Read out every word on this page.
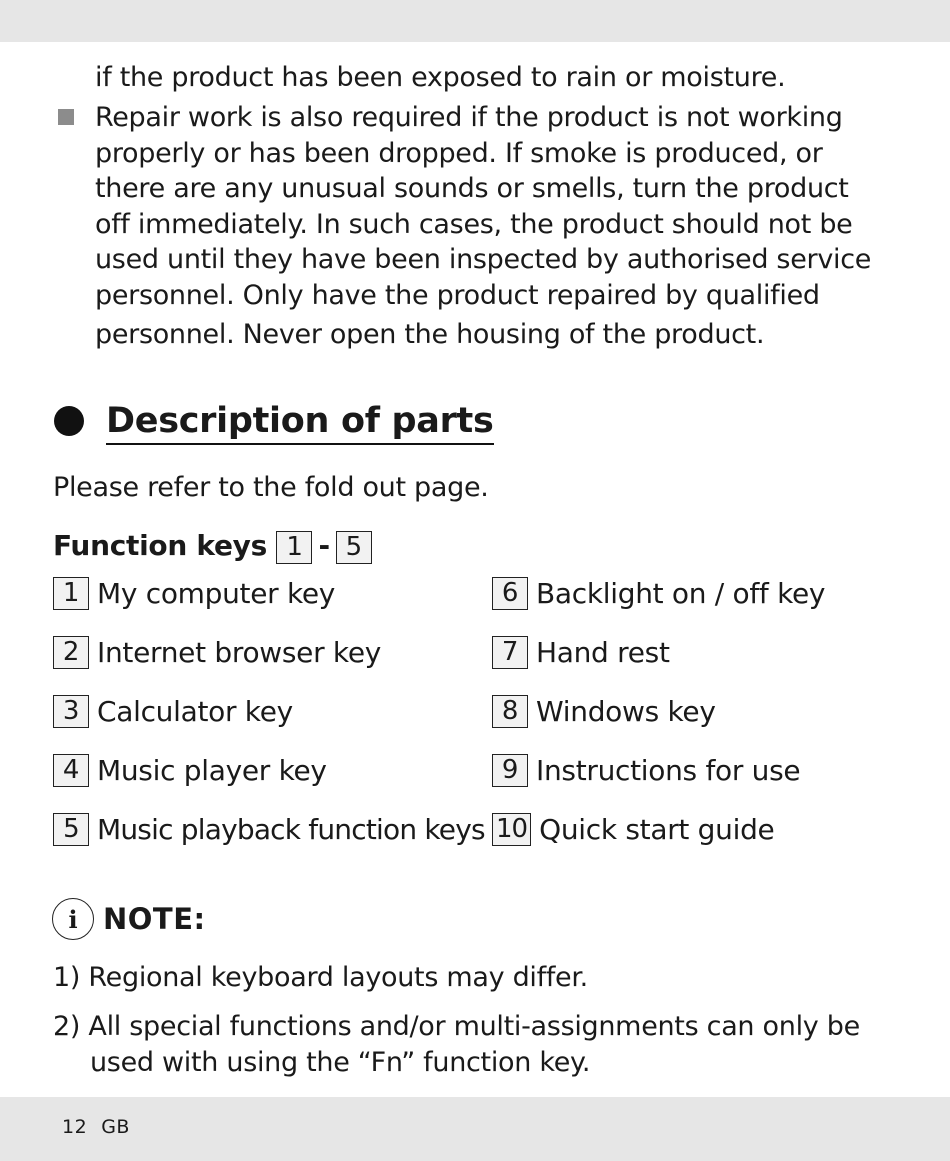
if the product has been exposed to rain or moisture.
Repair work is also required if the product is not working
properly or has been dropped. If smoke is produced, or
there are any unusual sounds or smells, turn the product
off immediately. In such cases, the product should not be
used until they have been inspected by authorised service
personnel. Only have the product repaired by qualified
personnel. Never open the housing of the product.
Description of parts
Please refer to the fold out page.
Function keys 1 - 5
1 My computer key
2 Internet browser key
3 Calculator key
4 Music player key
5 Music playback function keys
6 Backlight on / off key
7 Hand rest
8 Windows key
9 Instructions for use
10 Quick start guide
i NOTE:
1) Regional keyboard layouts may differ.
2) All special functions and/or multi-assignments can only be
used with using the “Fn” function key.
12 GB
